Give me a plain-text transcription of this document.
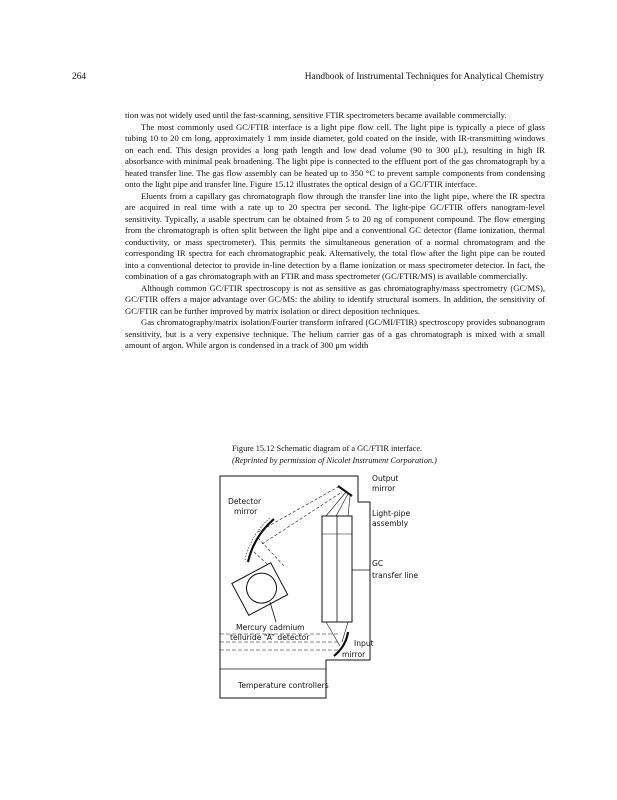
264	Handbook of Instrumental Techniques for Analytical Chemistry

tion was not widely used until the fast-scanning, sensitive FTIR spectrometers became available commercially.

The most commonly used GC/FTIR interface is a light pipe flow cell. The light pipe is typically a piece of glass tubing 10 to 20 cm long, approximately 1 mm inside diameter, gold coated on the inside, with IR-transmitting windows on each end. This design provides a long path length and low dead volume (90 to 300 μL), resulting in high IR absorbance with minimal peak broadening. The light pipe is connected to the effluent port of the gas chromatograph by a heated transfer line. The gas flow assembly can be heated up to 350 °C to prevent sample components from condensing onto the light pipe and transfer line. Figure 15.12 illustrates the optical design of a GC/FTIR interface.

Eluents from a capillary gas chromatograph flow through the transfer line into the light pipe, where the IR spectra are acquired in real time with a rate up to 20 spectra per second. The light-pipe GC/FTIR offers nanogram-level sensitivity. Typically, a usable spectrum can be obtained from 5 to 20 ng of component compound. The flow emerging from the chromatograph is often split between the light pipe and a conventional GC detector (flame ionization, thermal conductivity, or mass spectrometer). This permits the simultaneous generation of a normal chromatogram and the corresponding IR spectra for each chromatographic peak. Alternatively, the total flow after the light pipe can be routed into a conventional detector to provide in-line detection by a flame ionization or mass spectrometer detector. In fact, the combination of a gas chromatograph with an FTIR and mass spectrometer (GC/FTIR/MS) is available commercially.

Although common GC/FTIR spectroscopy is not as sensitive as gas chromatography/mass spectrometry (GC/MS), GC/FTIR offers a major advantage over GC/MS: the ability to identify structural isomers. In addition, the sensitivity of GC/FTIR can be further improved by matrix isolation or direct deposition techniques.

Gas chromatography/matrix isolation/Fourier transform infrared (GC/MI/FTIR) spectroscopy provides subnanogram sensitivity, but is a very expensive technique. The helium carrier gas of a gas chromatograph is mixed with a small amount of argon. While argon is condensed in a track of 300 μm width

Figure 15.12 Schematic diagram of a GC/FTIR interface.
(Reprinted by permission of Nicolet Instrument Corporation.)
Output
mirror
Detector
mirror	Light-pipe
assembly
GC
transfer line
Mercury cadmium
telluride “A” detector
Input
mirror
Temperature controllers
